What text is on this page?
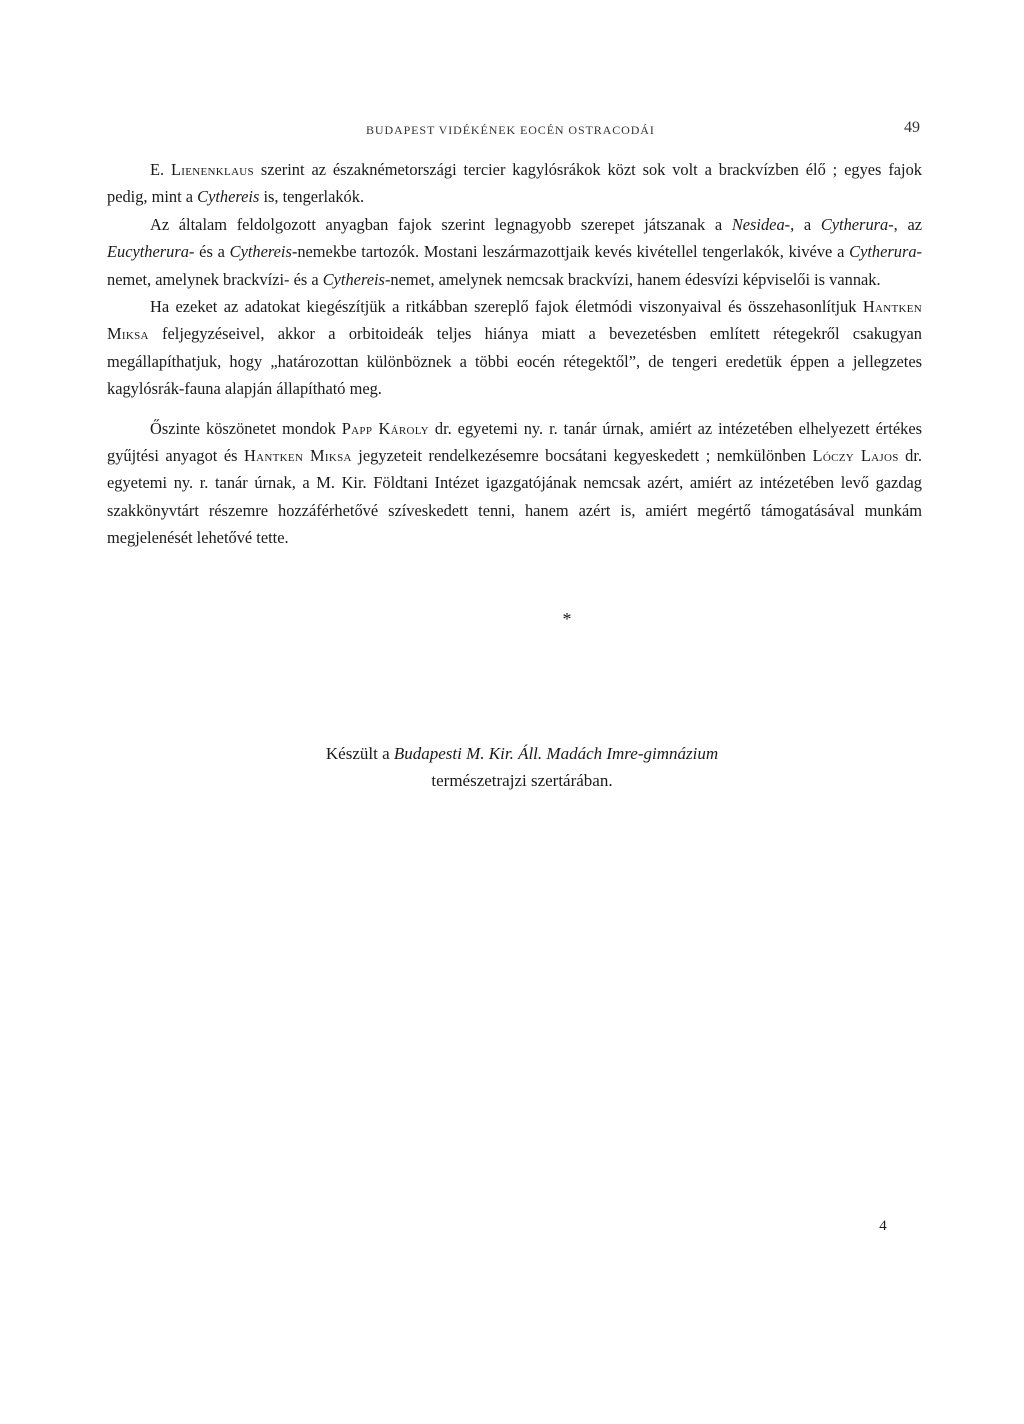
BUDAPEST VIDÉKÉNEK EOCÉN OSTRACODÁI	49

E. Lienenklaus szerint az északnémetországi tercier kagylósrákok közt sok volt a brackvízben élő ; egyes fajok pedig, mint a Cythereis is, tengerlakók.

Az általam feldolgozott anyagban fajok szerint legnagyobb szerepet játszanak a Nesidea-, a Cytherura-, az Eucytherura- és a Cythereis-nemekbe tartozók. Mostani leszármazottjaik kevés kivétellel tengerlakók, kivéve a Cytherura-nemet, amelynek brackvízi- és a Cythereis-nemet, amelynek nemcsak brackvízi, hanem édesvízi képviselői is vannak.

Ha ezeket az adatokat kiegészítjük a ritkábban szereplő fajok életmódi viszonyaival és összehasonlítjuk Hantken Miksa feljegyzéseivel, akkor a orbitoideák teljes hiánya miatt a bevezetésben említett rétegekről csakugyan megállapíthatjuk, hogy „határozottan különböznek a többi eocén rétegektől”, de tengeri eredetük éppen a jellegzetes kagylósrák-fauna alapján állapítható meg.

Őszinte köszönetet mondok Papp Károly dr. egyetemi ny. r. tanár úrnak, amiért az intézetében elhelyezett értékes gyűjtési anyagot és Hantken Miksa jegyzeteit rendelkezésemre bocsátani kegyeskedett ; nemkülönben Lóczy Lajos dr. egyetemi ny. r. tanár úrnak, a M. Kir. Földtani Intézet igazgatójának nemcsak azért, amiért az intézetében levő gazdag szakkönyvtárt részemre hozzáférhetővé szíveskedett tenni, hanem azért is, amiért megértő támogatásával munkám megjelenését lehetővé tette.

*
Készült a Budapesti M. Kir. Áll. Madách Imre-gimnázium
természetrajzi szertárában.
4
